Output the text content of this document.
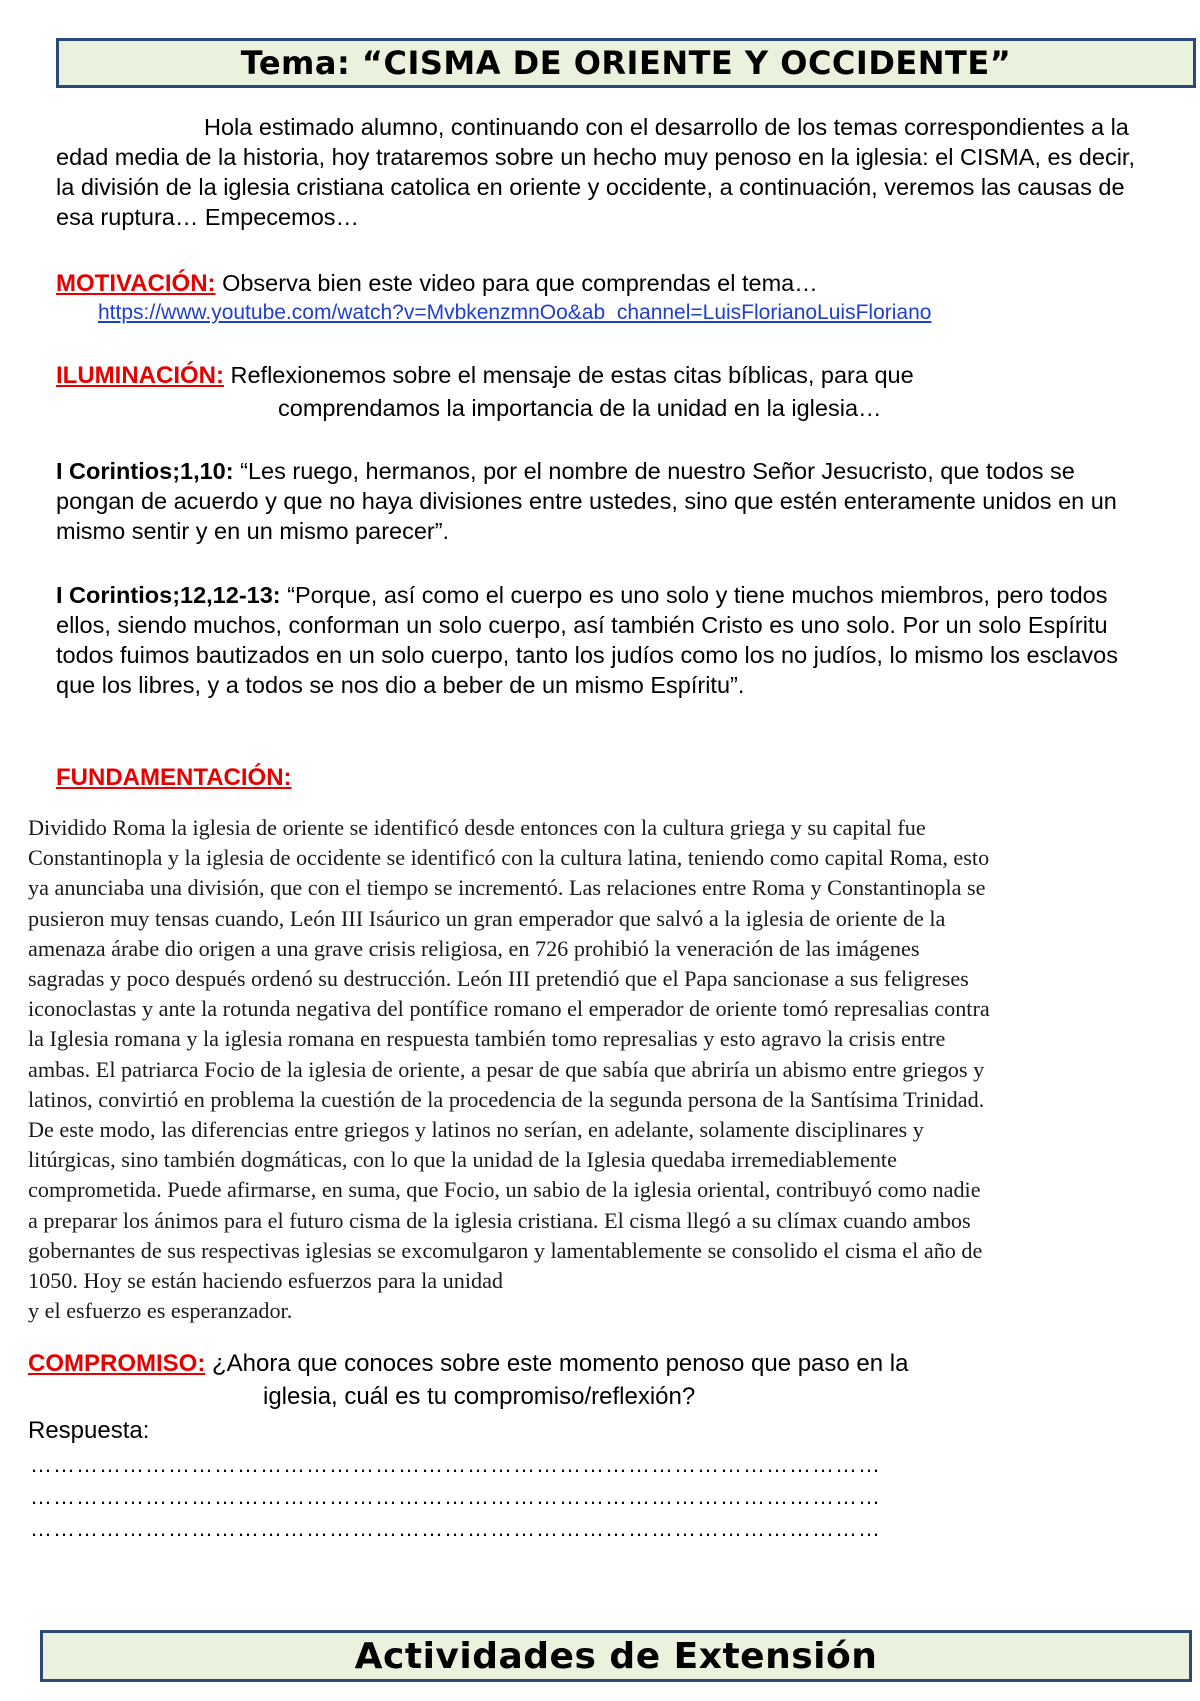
Tema: “CISMA DE ORIENTE Y OCCIDENTE”
Hola estimado alumno, continuando con el desarrollo de los temas correspondientes a la edad media de la historia, hoy trataremos sobre un hecho muy penoso en la iglesia: el CISMA, es decir, la división de la iglesia cristiana catolica en oriente y occidente, a continuación, veremos las causas de esa ruptura… Empecemos…
MOTIVACIÓN: Observa bien este video para que comprendas el tema…
https://www.youtube.com/watch?v=MvbkenzmnOo&ab_channel=LuisFlorianoLuisFloriano
ILUMINACIÓN: Reflexionemos sobre el mensaje de estas citas bíblicas, para que
comprendamos la importancia de la unidad en la iglesia…
I Corintios;1,10: “Les ruego, hermanos, por el nombre de nuestro Señor Jesucristo, que todos se pongan de acuerdo y que no haya divisiones entre ustedes, sino que estén enteramente unidos en un mismo sentir y en un mismo parecer”.
I Corintios;12,12-13: “Porque, así como el cuerpo es uno solo y tiene muchos miembros, pero todos ellos, siendo muchos, conforman un solo cuerpo, así también Cristo es uno solo. Por un solo Espíritu todos fuimos bautizados en un solo cuerpo, tanto los judíos como los no judíos, lo mismo los esclavos que los libres, y a todos se nos dio a beber de un mismo Espíritu”.
FUNDAMENTACIÓN:
Dividido Roma la iglesia de oriente se identificó desde entonces con la cultura griega y su capital fue
Constantinopla y la iglesia de occidente se identificó con la cultura latina, teniendo como capital Roma, esto
ya anunciaba una división, que con el tiempo se incrementó. Las relaciones entre Roma y Constantinopla se
pusieron muy tensas cuando, León III Isáurico un gran emperador que salvó a la iglesia de oriente de la
amenaza árabe dio origen a una grave crisis religiosa, en 726 prohibió la veneración de las imágenes
sagradas y poco después ordenó su destrucción. León III pretendió que el Papa sancionase a sus feligreses
iconoclastas y ante la rotunda negativa del pontífice romano el emperador de oriente tomó represalias contra
la Iglesia romana y la iglesia romana en respuesta también tomo represalias y esto agravo la crisis entre
ambas. El patriarca Focio de la iglesia de oriente, a pesar de que sabía que abriría un abismo entre griegos y
latinos, convirtió en problema la cuestión de la procedencia de la segunda persona de la Santísima Trinidad.
De este modo, las diferencias entre griegos y latinos no serían, en adelante, solamente disciplinares y
litúrgicas, sino también dogmáticas, con lo que la unidad de la Iglesia quedaba irremediablemente
comprometida. Puede afirmarse, en suma, que Focio, un sabio de la iglesia oriental, contribuyó como nadie
a preparar los ánimos para el futuro cisma de la iglesia cristiana. El cisma llegó a su clímax cuando ambos
gobernantes de sus respectivas iglesias se excomulgaron y lamentablemente se consolido el cisma el año de
1050. Hoy se están haciendo esfuerzos para la unidad
y el esfuerzo es esperanzador.
COMPROMISO: ¿Ahora que conoces sobre este momento penoso que paso en la
iglesia, cuál es tu compromiso/reflexión?
Respuesta:
…………………………………………………………………………………………………
…………………………………………………………………………………………………
…………………………………………………………………………………………………
Actividades de Extensión
